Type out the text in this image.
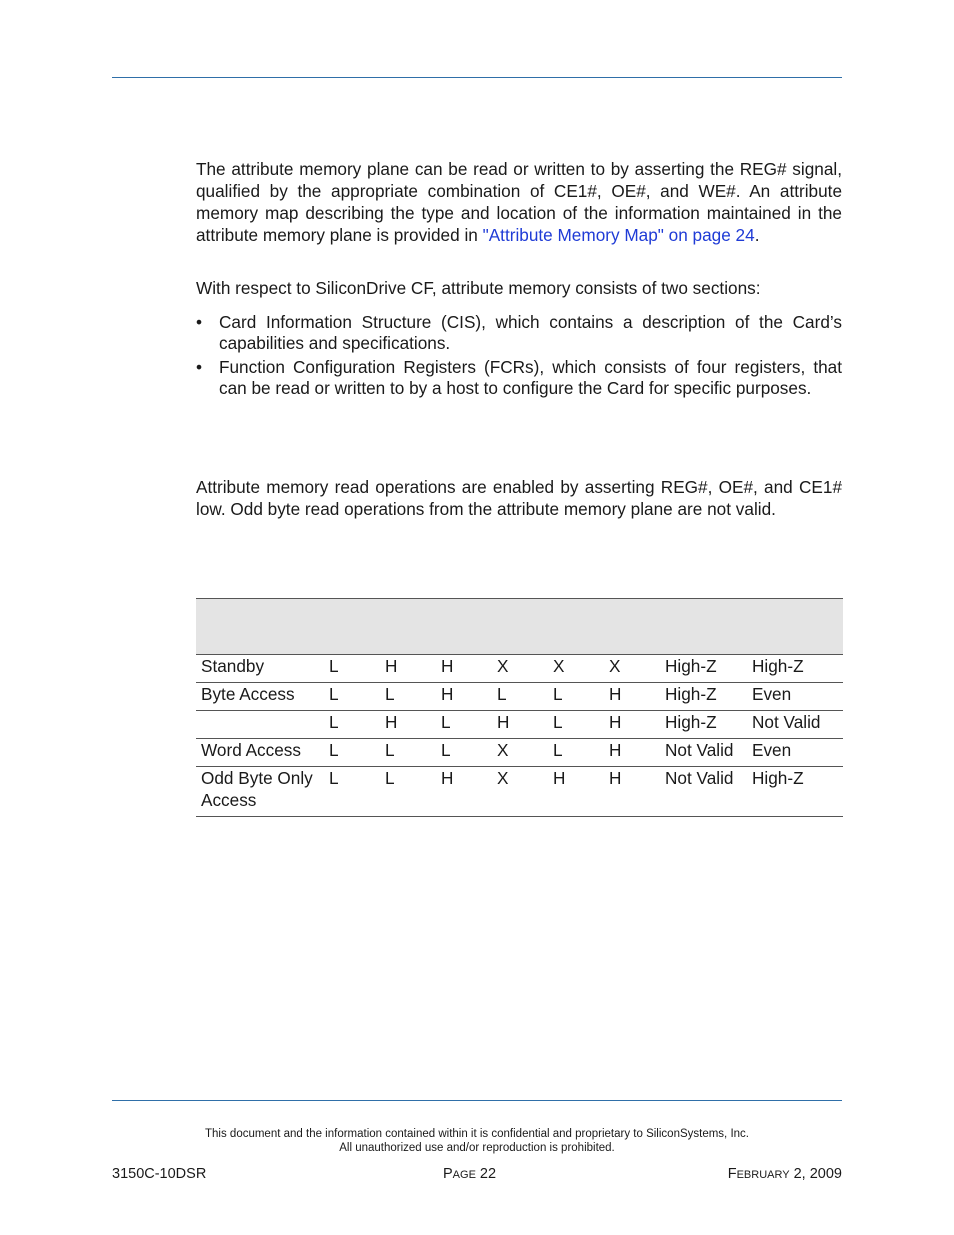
The attribute memory plane can be read or written to by asserting the REG# signal, qualified by the appropriate combination of CE1#, OE#, and WE#. An attribute memory map describing the type and location of the information maintained in the attribute memory plane is provided in "Attribute Memory Map" on page 24.

With respect to SiliconDrive CF, attribute memory consists of two sections:

• Card Information Structure (CIS), which contains a description of the Card’s capabilities and specifications.
• Function Configuration Registers (FCRs), which consists of four registers, that can be read or written to by a host to configure the Card for specific purposes.

Attribute memory read operations are enabled by asserting REG#, OE#, and CE1# low. Odd byte read operations from the attribute memory plane are not valid.

Standby	L	H	H	X	X	X	High-Z	High-Z
Byte Access	L	L	H	L	L	H	High-Z	Even
	L	H	L	H	L	H	High-Z	Not Valid
Word Access	L	L	L	X	L	H	Not Valid	Even
Odd Byte Only Access	L	L	H	X	H	H	Not Valid	High-Z
This document and the information contained within it is confidential and proprietary to SiliconSystems, Inc.
All unauthorized use and/or reproduction is prohibited.
3150C-10DSR	PAGE 22	FEBRUARY 2, 2009
